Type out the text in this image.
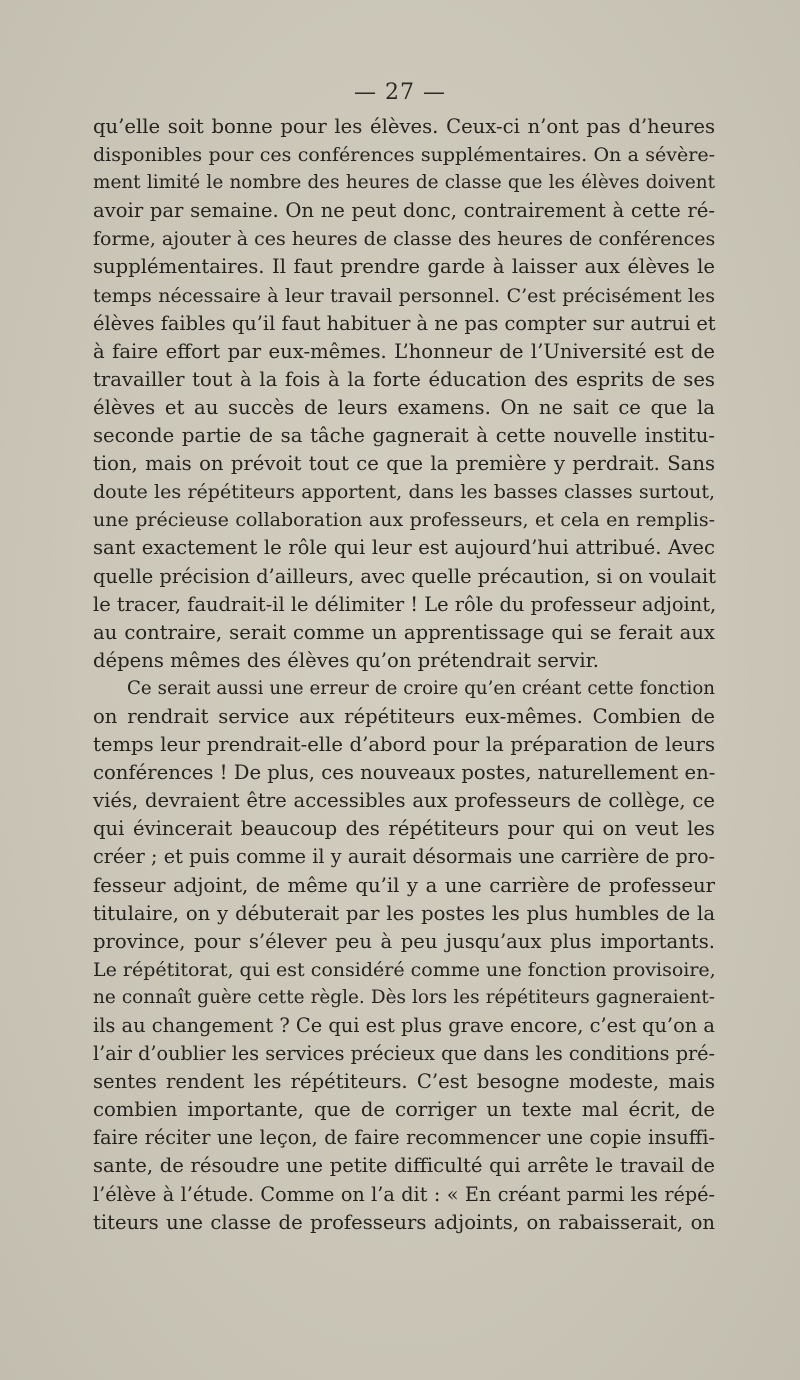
— 27 —
qu’elle soit bonne pour les élèves. Ceux-ci n’ont pas d’heures
disponibles pour ces conférences supplémentaires. On a sévère-
ment limité le nombre des heures de classe que les élèves doivent
avoir par semaine. On ne peut donc, contrairement à cette ré-
forme, ajouter à ces heures de classe des heures de conférences
supplémentaires. Il faut prendre garde à laisser aux élèves le
temps nécessaire à leur travail personnel. C’est précisément les
élèves faibles qu’il faut habituer à ne pas compter sur autrui et
à faire effort par eux-mêmes. L’honneur de l’Université est de
travailler tout à la fois à la forte éducation des esprits de ses
élèves et au succès de leurs examens. On ne sait ce que la
seconde partie de sa tâche gagnerait à cette nouvelle institu-
tion, mais on prévoit tout ce que la première y perdrait. Sans
doute les répétiteurs apportent, dans les basses classes surtout,
une précieuse collaboration aux professeurs, et cela en remplis-
sant exactement le rôle qui leur est aujourd’hui attribué. Avec
quelle précision d’ailleurs, avec quelle précaution, si on voulait
le tracer, faudrait-il le délimiter ! Le rôle du professeur adjoint,
au contraire, serait comme un apprentissage qui se ferait aux
dépens mêmes des élèves qu’on prétendrait servir.
Ce serait aussi une erreur de croire qu’en créant cette fonction
on rendrait service aux répétiteurs eux-mêmes. Combien de
temps leur prendrait-elle d’abord pour la préparation de leurs
conférences ! De plus, ces nouveaux postes, naturellement en-
viés, devraient être accessibles aux professeurs de collège, ce
qui évincerait beaucoup des répétiteurs pour qui on veut les
créer ; et puis comme il y aurait désormais une carrière de pro-
fesseur adjoint, de même qu’il y a une carrière de professeur
titulaire, on y débuterait par les postes les plus humbles de la
province, pour s’élever peu à peu jusqu’aux plus importants.
Le répétitorat, qui est considéré comme une fonction provisoire,
ne connaît guère cette règle. Dès lors les répétiteurs gagneraient-
ils au changement ? Ce qui est plus grave encore, c’est qu’on a
l’air d’oublier les services précieux que dans les conditions pré-
sentes rendent les répétiteurs. C’est besogne modeste, mais
combien importante, que de corriger un texte mal écrit, de
faire réciter une leçon, de faire recommencer une copie insuffi-
sante, de résoudre une petite difficulté qui arrête le travail de
l’élève à l’étude. Comme on l’a dit : « En créant parmi les répé-
titeurs une classe de professeurs adjoints, on rabaisserait, on
